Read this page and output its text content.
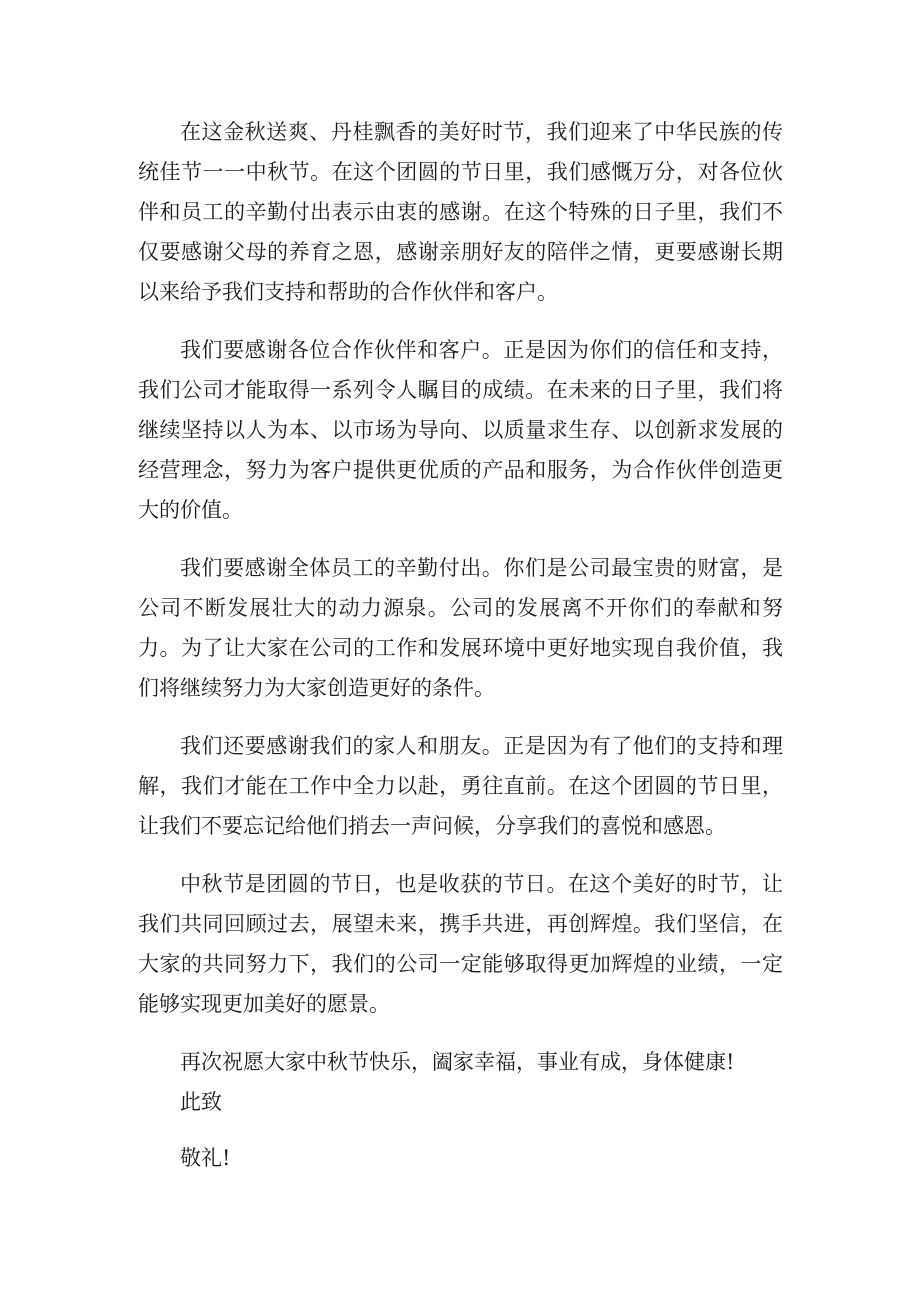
在这金秋送爽、丹桂飘香的美好时节，我们迎来了中华民族的传统佳节一一中秋节。在这个团圆的节日里，我们感慨万分，对各位伙伴和员工的辛勤付出表示由衷的感谢。在这个特殊的日子里，我们不仅要感谢父母的养育之恩，感谢亲朋好友的陪伴之情，更要感谢长期以来给予我们支持和帮助的合作伙伴和客户。

我们要感谢各位合作伙伴和客户。正是因为你们的信任和支持，我们公司才能取得一系列令人瞩目的成绩。在未来的日子里，我们将继续坚持以人为本、以市场为导向、以质量求生存、以创新求发展的经营理念，努力为客户提供更优质的产品和服务，为合作伙伴创造更大的价值。

我们要感谢全体员工的辛勤付出。你们是公司最宝贵的财富，是公司不断发展壮大的动力源泉。公司的发展离不开你们的奉献和努力。为了让大家在公司的工作和发展环境中更好地实现自我价值，我们将继续努力为大家创造更好的条件。

我们还要感谢我们的家人和朋友。正是因为有了他们的支持和理解，我们才能在工作中全力以赴，勇往直前。在这个团圆的节日里，让我们不要忘记给他们捎去一声问候，分享我们的喜悦和感恩。

中秋节是团圆的节日，也是收获的节日。在这个美好的时节，让我们共同回顾过去，展望未来，携手共进，再创辉煌。我们坚信，在大家的共同努力下，我们的公司一定能够取得更加辉煌的业绩，一定能够实现更加美好的愿景。

再次祝愿大家中秋节快乐，阖家幸福，事业有成，身体健康!

此致

敬礼!
